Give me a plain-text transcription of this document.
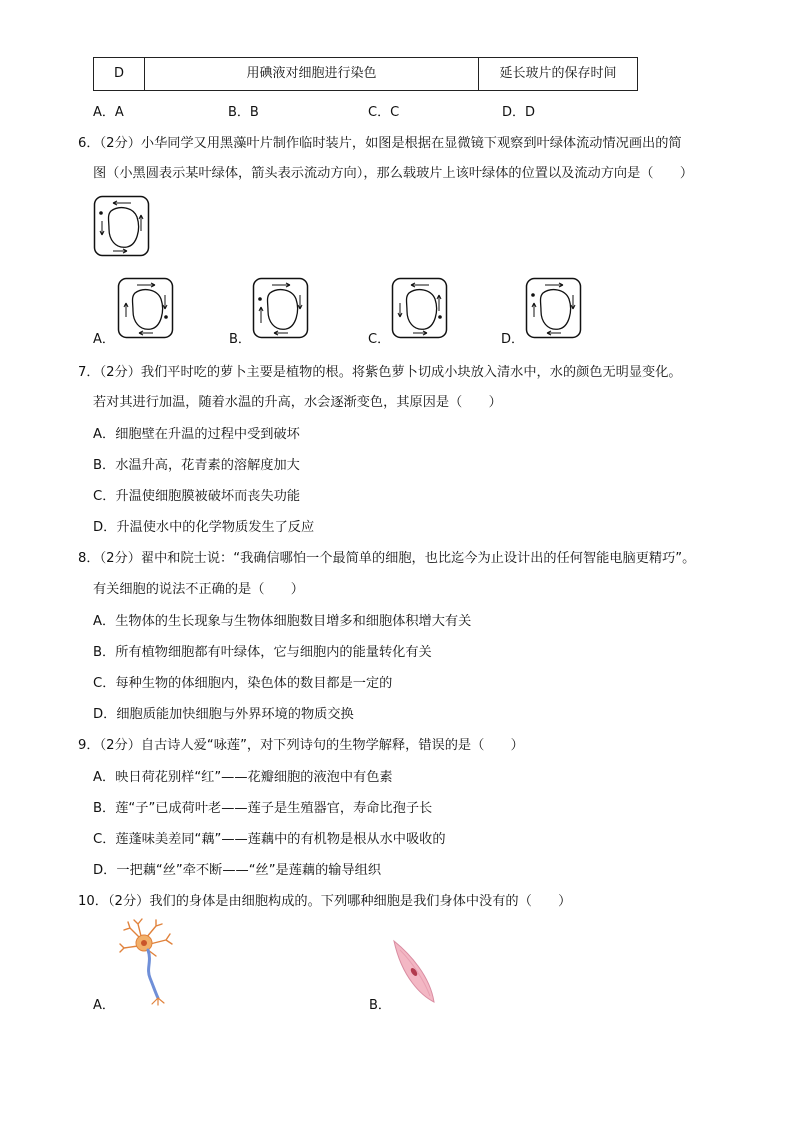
D	用碘液对细胞进行染色	延长玻片的保存时间
A．A	B．B	C．C	D．D
6．（2分）小华同学又用黑藻叶片制作临时装片，如图是根据在显微镜下观察到叶绿体流动情况画出的简
图（小黑圆表示某叶绿体，箭头表示流动方向），那么载玻片上该叶绿体的位置以及流动方向是（　　）
A．	B．	C．	D．
7．（2分）我们平时吃的萝卜主要是植物的根。将紫色萝卜切成小块放入清水中，水的颜色无明显变化。
若对其进行加温，随着水温的升高，水会逐渐变色，其原因是（　　）
A．细胞壁在升温的过程中受到破坏
B．水温升高，花青素的溶解度加大
C．升温使细胞膜被破坏而丧失功能
D．升温使水中的化学物质发生了反应
8．（2分）翟中和院士说：“我确信哪怕一个最简单的细胞，也比迄今为止设计出的任何智能电脑更精巧”。
有关细胞的说法不正确的是（　　）
A．生物体的生长现象与生物体细胞数目增多和细胞体积增大有关
B．所有植物细胞都有叶绿体，它与细胞内的能量转化有关
C．每种生物的体细胞内，染色体的数目都是一定的
D．细胞质能加快细胞与外界环境的物质交换
9．（2分）自古诗人爱“咏莲”，对下列诗句的生物学解释，错误的是（　　）
A．映日荷花别样“红”——花瓣细胞的液泡中有色素
B．莲“子”已成荷叶老——莲子是生殖器官，寿命比孢子长
C．莲蓬味美差同“藕”——莲藕中的有机物是根从水中吸收的
D．一把藕“丝”牵不断——“丝”是莲藕的输导组织
10．（2分）我们的身体是由细胞构成的。下列哪种细胞是我们身体中没有的（　　）
A．	B．
